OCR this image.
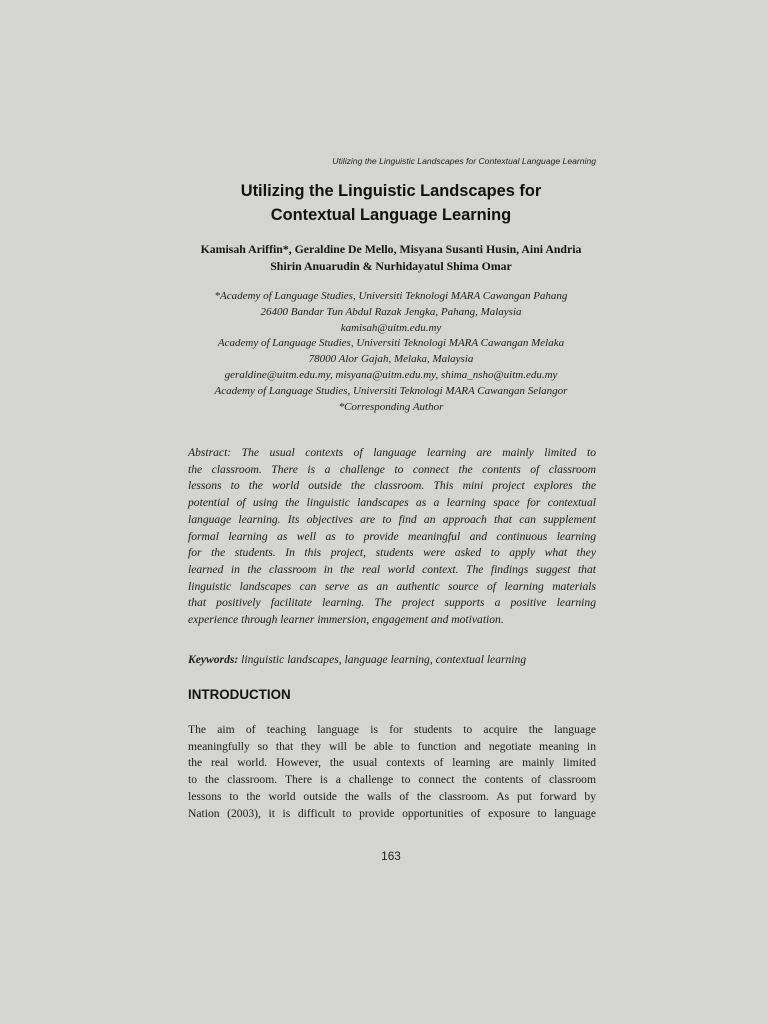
Utilizing the Linguistic Landscapes for Contextual Language Learning
Utilizing the Linguistic Landscapes for
Contextual Language Learning
Kamisah Ariffin*, Geraldine De Mello, Misyana Susanti Husin, Aini Andria
Shirin Anuarudin & Nurhidayatul Shima Omar
*Academy of Language Studies, Universiti Teknologi MARA Cawangan Pahang
26400 Bandar Tun Abdul Razak Jengka, Pahang, Malaysia
kamisah@uitm.edu.my
Academy of Language Studies, Universiti Teknologi MARA Cawangan Melaka
78000 Alor Gajah, Melaka, Malaysia
geraldine@uitm.edu.my, misyana@uitm.edu.my, shima_nsho@uitm.edu.my
Academy of Language Studies, Universiti Teknologi MARA Cawangan Selangor
*Corresponding Author
Abstract: The usual contexts of language learning are mainly limited to
the classroom. There is a challenge to connect the contents of classroom
lessons to the world outside the classroom. This mini project explores the
potential of using the linguistic landscapes as a learning space for contextual
language learning. Its objectives are to find an approach that can supplement
formal learning as well as to provide meaningful and continuous learning
for the students. In this project, students were asked to apply what they
learned in the classroom in the real world context. The findings suggest that
linguistic landscapes can serve as an authentic source of learning materials
that positively facilitate learning. The project supports a positive learning
experience through learner immersion, engagement and motivation.
Keywords: linguistic landscapes, language learning, contextual learning
INTRODUCTION
The aim of teaching language is for students to acquire the language
meaningfully so that they will be able to function and negotiate meaning in
the real world. However, the usual contexts of learning are mainly limited
to the classroom. There is a challenge to connect the contents of classroom
lessons to the world outside the walls of the classroom. As put forward by
Nation (2003), it is difficult to provide opportunities of exposure to language
163
